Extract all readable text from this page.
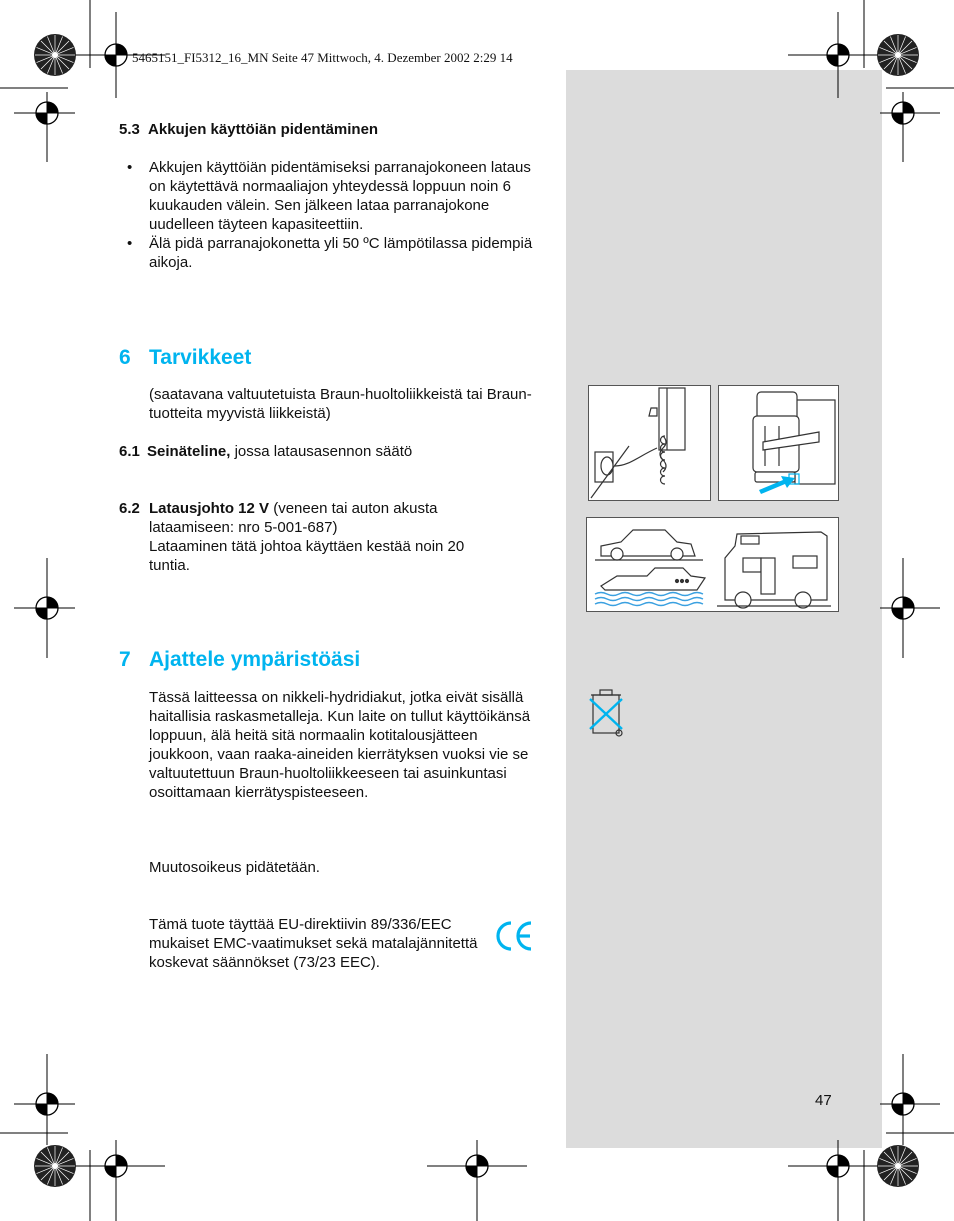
5465151_FI5312_16_MN Seite 47 Mittwoch, 4. Dezember 2002 2:29 14
5.3 Akkujen käyttöiän pidentäminen
• Akkujen käyttöiän pidentämiseksi parranajokoneen lataus on käytettävä normaaliajon yhteydessä loppuun noin 6 kuukauden välein. Sen jälkeen lataa parranajokone uudelleen täyteen kapasiteettiin.
• Älä pidä parranajokonetta yli 50 ºC lämpötilassa pidempiä aikoja.
6 Tarvikkeet
(saatavana valtuutetuista Braun-huoltoliikkeistä tai Braun-tuotteita myyvistä liikkeistä)
6.1 Seinäteline, jossa latausasennon säätö
6.2 Latausjohto 12 V (veneen tai auton akusta lataamiseen: nro 5-001-687)
Lataaminen tätä johtoa käyttäen kestää noin 20 tuntia.
7 Ajattele ympäristöäsi
Tässä laitteessa on nikkeli-hydridiakut, jotka eivät sisällä haitallisia raskasmetalleja. Kun laite on tullut käyttöikänsä loppuun, älä heitä sitä normaalin kotitalousjätteen joukkoon, vaan raaka-aineiden kierrätyksen vuoksi vie se valtuutettuun Braun-huoltoliikkeeseen tai asuinkuntasi osoittamaan kierrätyspisteeseen.
Muutosoikeus pidätetään.
Tämä tuote täyttää EU-direktiivin 89/336/EEC mukaiset EMC-vaatimukset sekä matalajännitettä koskevat säännökset (73/23 EEC).
47
